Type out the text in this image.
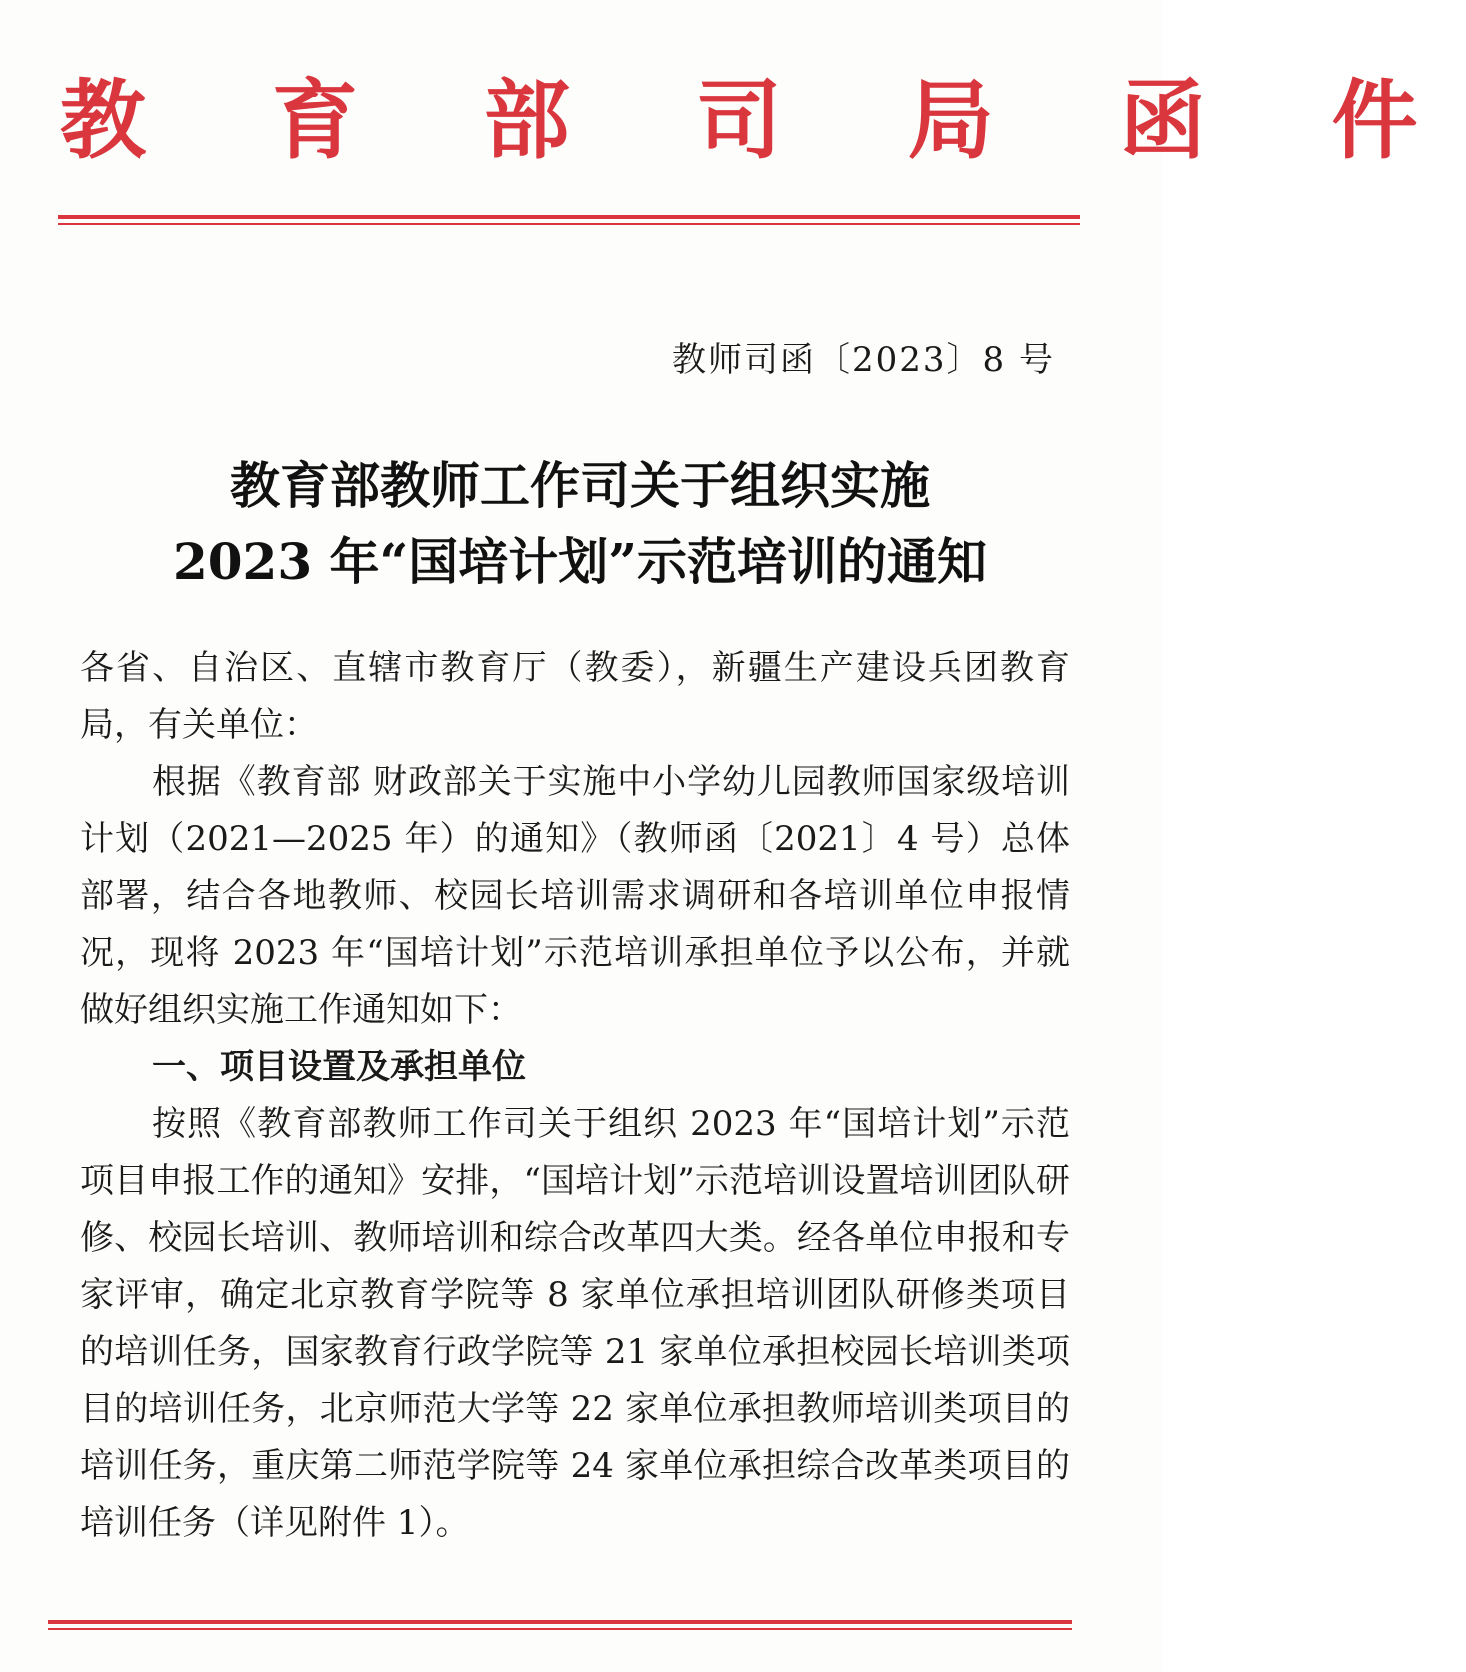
教 育 部 司 局 函 件
教师司函〔2023〕8 号
教育部教师工作司关于组织实施
2023 年“国培计划”示范培训的通知

各省、自治区、直辖市教育厅（教委），新疆生产建设兵团教育局，有关单位：

根据《教育部 财政部关于实施中小学幼儿园教师国家级培训计划（2021—2025 年）的通知》（教师函〔2021〕4 号）总体部署，结合各地教师、校园长培训需求调研和各培训单位申报情况，现将 2023 年“国培计划”示范培训承担单位予以公布，并就做好组织实施工作通知如下：

一、项目设置及承担单位

按照《教育部教师工作司关于组织 2023 年“国培计划”示范项目申报工作的通知》安排，“国培计划”示范培训设置培训团队研修、校园长培训、教师培训和综合改革四大类。经各单位申报和专家评审，确定北京教育学院等 8 家单位承担培训团队研修类项目的培训任务，国家教育行政学院等 21 家单位承担校园长培训类项目的培训任务，北京师范大学等 22 家单位承担教师培训类项目的培训任务，重庆第二师范学院等 24 家单位承担综合改革类项目的培训任务（详见附件 1）。
